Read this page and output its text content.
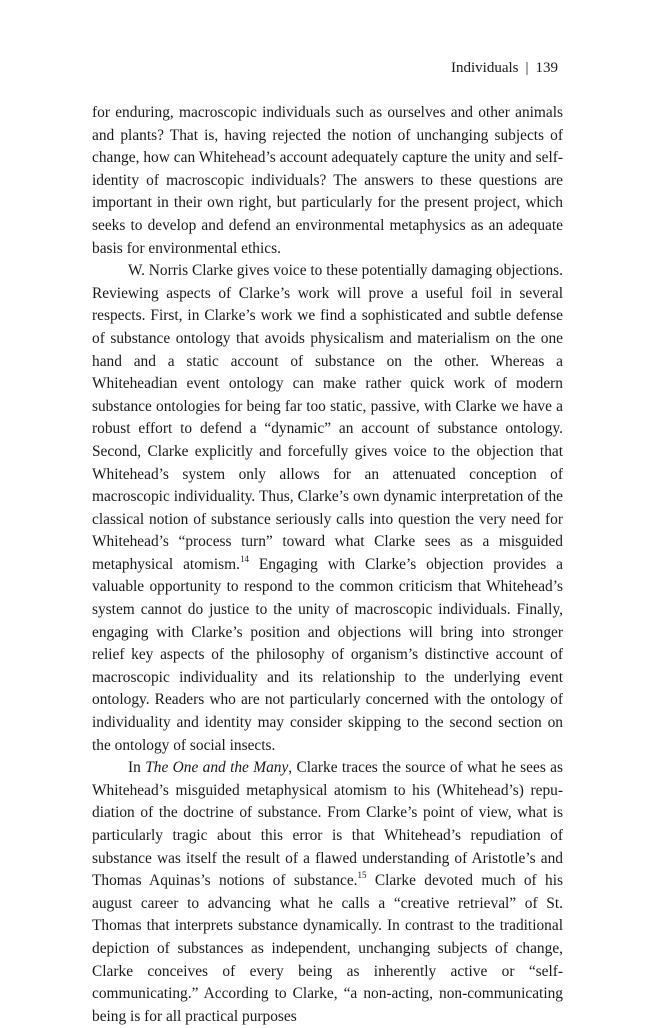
Individuals | 139

for enduring, macroscopic individuals such as ourselves and other animals and plants? That is, having rejected the notion of unchanging subjects of change, how can Whitehead’s account adequately capture the unity and self-identity of macroscopic individuals? The answers to these questions are important in their own right, but particularly for the present project, which seeks to develop and defend an environmental metaphysics as an adequate basis for environmental ethics.

W. Norris Clarke gives voice to these potentially damaging objections. Reviewing aspects of Clarke’s work will prove a useful foil in several respects. First, in Clarke’s work we find a sophisticated and subtle defense of substance ontology that avoids physicalism and materialism on the one hand and a static account of substance on the other. Whereas a Whiteheadian event ontology can make rather quick work of modern substance ontologies for being far too static, passive, with Clarke we have a robust effort to defend a “dynamic” an account of substance ontology. Second, Clarke explicitly and forcefully gives voice to the objection that Whitehead’s system only allows for an attenuated conception of macroscopic individuality. Thus, Clarke’s own dynamic interpretation of the classical notion of substance seriously calls into question the very need for Whitehead’s “process turn” toward what Clarke sees as a misguided metaphysical atomism.$^{14}$ Engaging with Clarke’s objection provides a valuable opportunity to respond to the common criticism that Whitehead’s system cannot do justice to the unity of macroscopic individuals. Finally, engaging with Clarke’s position and objections will bring into stronger relief key aspects of the philosophy of organism’s distinctive account of macroscopic individuality and its relationship to the underlying event ontology. Readers who are not particularly concerned with the ontology of individuality and identity may consider skipping to the second section on the ontology of social insects.

In The One and the Many, Clarke traces the source of what he sees as Whitehead’s misguided metaphysical atomism to his (Whitehead’s) repudiation of the doctrine of substance. From Clarke’s point of view, what is particularly tragic about this error is that Whitehead’s repudiation of substance was itself the result of a flawed understanding of Aristotle’s and Thomas Aquinas’s notions of substance.$^{15}$ Clarke devoted much of his august career to advancing what he calls a “creative retrieval” of St. Thomas that interprets substance dynamically. In contrast to the traditional depiction of substances as independent, unchanging subjects of change, Clarke conceives of every being as inherently active or “self-communicating.” According to Clarke, “a non-acting, non-communicating being is for all practical purposes
